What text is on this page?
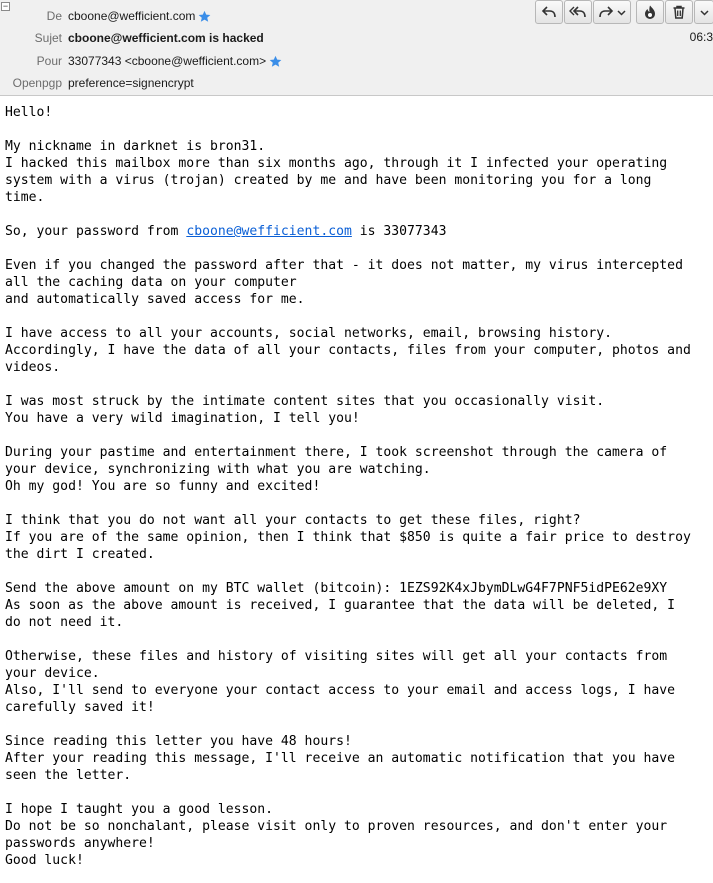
−
De cboone@wefficient.com
Sujet cboone@wefficient.com is hacked
Pour 33077343 <cboone@wefficient.com>
Openpgp preference=signencrypt
06:3
Hello!

My nickname in darknet is bron31.
I hacked this mailbox more than six months ago, through it I infected your operating
system with a virus (trojan) created by me and have been monitoring you for a long
time.

So, your password from cboone@wefficient.com is 33077343

Even if you changed the password after that - it does not matter, my virus intercepted
all the caching data on your computer
and automatically saved access for me.

I have access to all your accounts, social networks, email, browsing history.
Accordingly, I have the data of all your contacts, files from your computer, photos and
videos.

I was most struck by the intimate content sites that you occasionally visit.
You have a very wild imagination, I tell you!

During your pastime and entertainment there, I took screenshot through the camera of
your device, synchronizing with what you are watching.
Oh my god! You are so funny and excited!

I think that you do not want all your contacts to get these files, right?
If you are of the same opinion, then I think that $850 is quite a fair price to destroy
the dirt I created.

Send the above amount on my BTC wallet (bitcoin): 1EZS92K4xJbymDLwG4F7PNF5idPE62e9XY
As soon as the above amount is received, I guarantee that the data will be deleted, I
do not need it.

Otherwise, these files and history of visiting sites will get all your contacts from
your device.
Also, I'll send to everyone your contact access to your email and access logs, I have
carefully saved it!

Since reading this letter you have 48 hours!
After your reading this message, I'll receive an automatic notification that you have
seen the letter.

I hope I taught you a good lesson.
Do not be so nonchalant, please visit only to proven resources, and don't enter your
passwords anywhere!
Good luck!
